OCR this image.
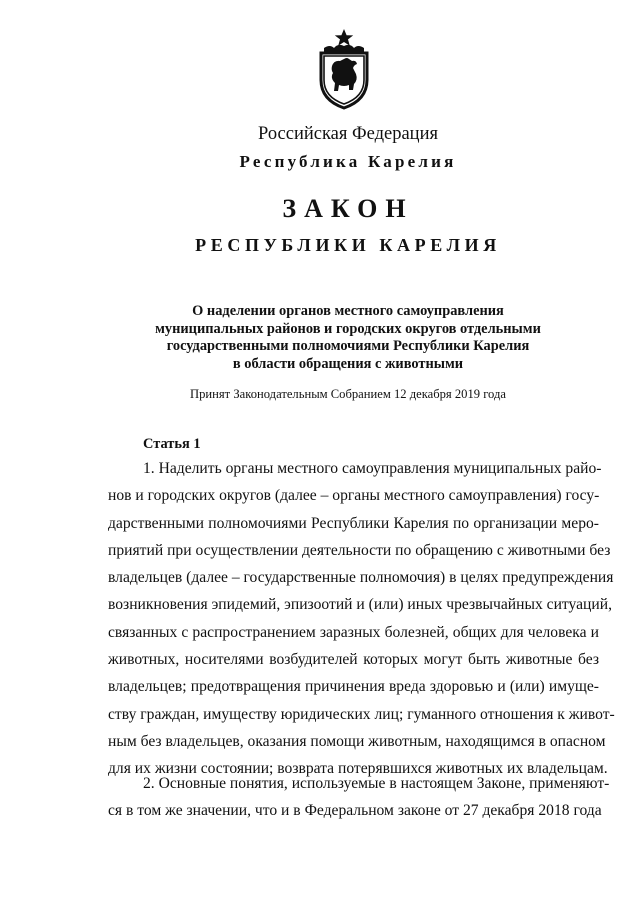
Российская Федерация
Республика Карелия
ЗАКОН
РЕСПУБЛИКИ КАРЕЛИЯ
О наделении органов местного самоуправления
муниципальных районов и городских округов отдельными
государственными полномочиями Республики Карелия
в области обращения с животными
Принят Законодательным Собранием 12 декабря 2019 года
Статья 1
1. Наделить органы местного самоуправления муниципальных райо-
нов и городских округов (далее – органы местного самоуправления) госу-
дарственными полномочиями Республики Карелия по организации меро-
приятий при осуществлении деятельности по обращению с животными без
владельцев (далее – государственные полномочия) в целях предупреждения
возникновения эпидемий, эпизоотий и (или) иных чрезвычайных ситуаций,
связанных с распространением заразных болезней, общих для человека и
животных, носителями возбудителей которых могут быть животные без
владельцев; предотвращения причинения вреда здоровью и (или) имуще-
ству граждан, имуществу юридических лиц; гуманного отношения к живот-
ным без владельцев, оказания помощи животным, находящимся в опасном
для их жизни состоянии; возврата потерявшихся животных их владельцам.
2. Основные понятия, используемые в настоящем Законе, применяют-
ся в том же значении, что и в Федеральном законе от 27 декабря 2018 года
